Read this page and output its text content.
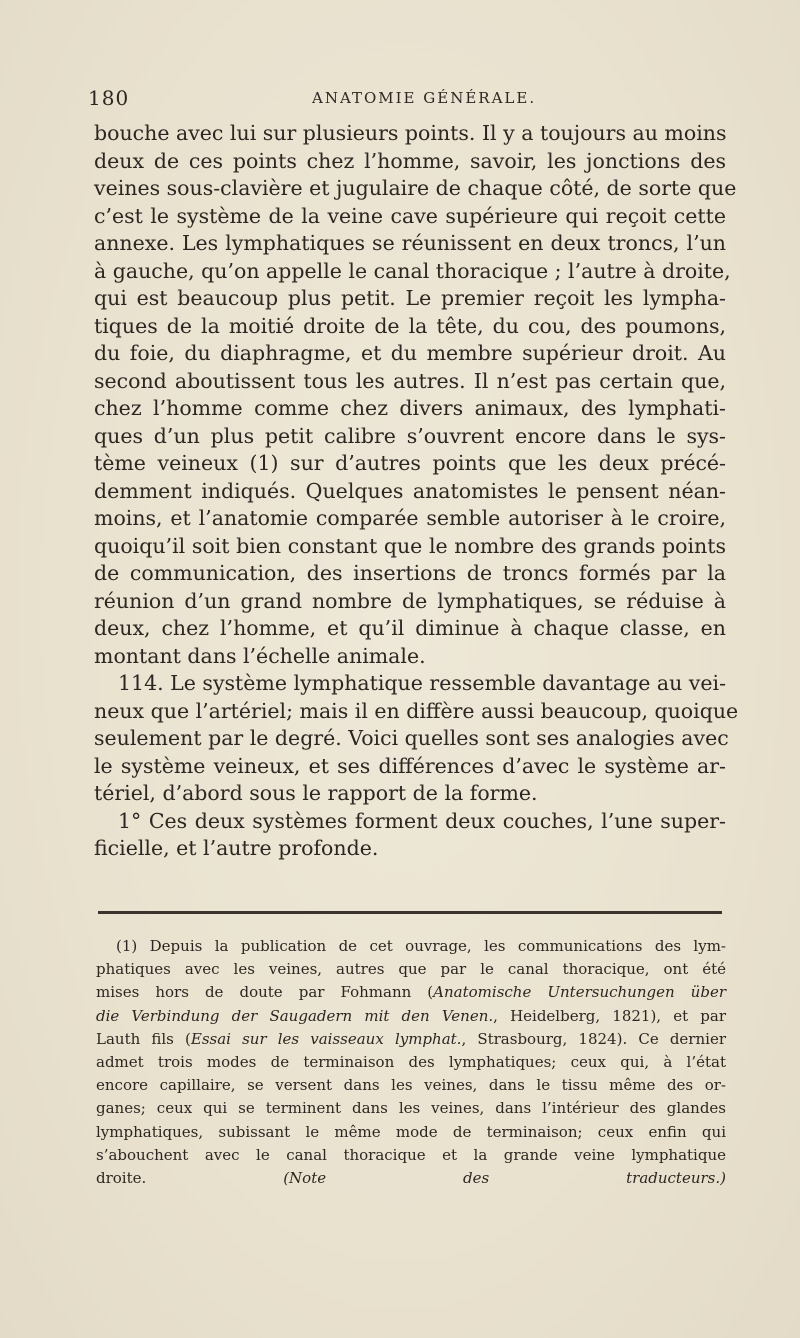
180	ANATOMIE GÉNÉRALE.
bouche avec lui sur plusieurs points. Il y a toujours au moins
deux de ces points chez l’homme, savoir, les jonctions des
veines sous-clavière et jugulaire de chaque côté, de sorte que
c’est le système de la veine cave supérieure qui reçoit cette
annexe. Les lymphatiques se réunissent en deux troncs, l’un
à gauche, qu’on appelle le canal thoracique ; l’autre à droite,
qui est beaucoup plus petit. Le premier reçoit les lympha-
tiques de la moitié droite de la tête, du cou, des poumons,
du foie, du diaphragme, et du membre supérieur droit. Au
second aboutissent tous les autres. Il n’est pas certain que,
chez l’homme comme chez divers animaux, des lymphati-
ques d’un plus petit calibre s’ouvrent encore dans le sys-
tème veineux (1) sur d’autres points que les deux précé-
demment indiqués. Quelques anatomistes le pensent néan-
moins, et l’anatomie comparée semble autoriser à le croire,
quoiqu’il soit bien constant que le nombre des grands points
de communication, des insertions de troncs formés par la
réunion d’un grand nombre de lymphatiques, se réduise à
deux, chez l’homme, et qu’il diminue à chaque classe, en
montant dans l’échelle animale.
114. Le système lymphatique ressemble davantage au vei-
neux que l’artériel; mais il en diffère aussi beaucoup, quoique
seulement par le degré. Voici quelles sont ses analogies avec
le système veineux, et ses différences d’avec le système ar-
tériel, d’abord sous le rapport de la forme.
1° Ces deux systèmes forment deux couches, l’une super-
ficielle, et l’autre profonde.
(1) Depuis la publication de cet ouvrage, les communications des lym-
phatiques avec les veines, autres que par le canal thoracique, ont été
mises hors de doute par Fohmann (Anatomische Untersuchungen über
die Verbindung der Saugadern mit den Venen., Heidelberg, 1821), et par
Lauth fils (Essai sur les vaisseaux lymphat., Strasbourg, 1824). Ce dernier
admet trois modes de terminaison des lymphatiques; ceux qui, à l’état
encore capillaire, se versent dans les veines, dans le tissu même des or-
ganes; ceux qui se terminent dans les veines, dans l’intérieur des glandes
lymphatiques, subissant le même mode de terminaison; ceux enfin qui
s’abouchent avec le canal thoracique et la grande veine lymphatique
droite.	(Note des traducteurs.)
